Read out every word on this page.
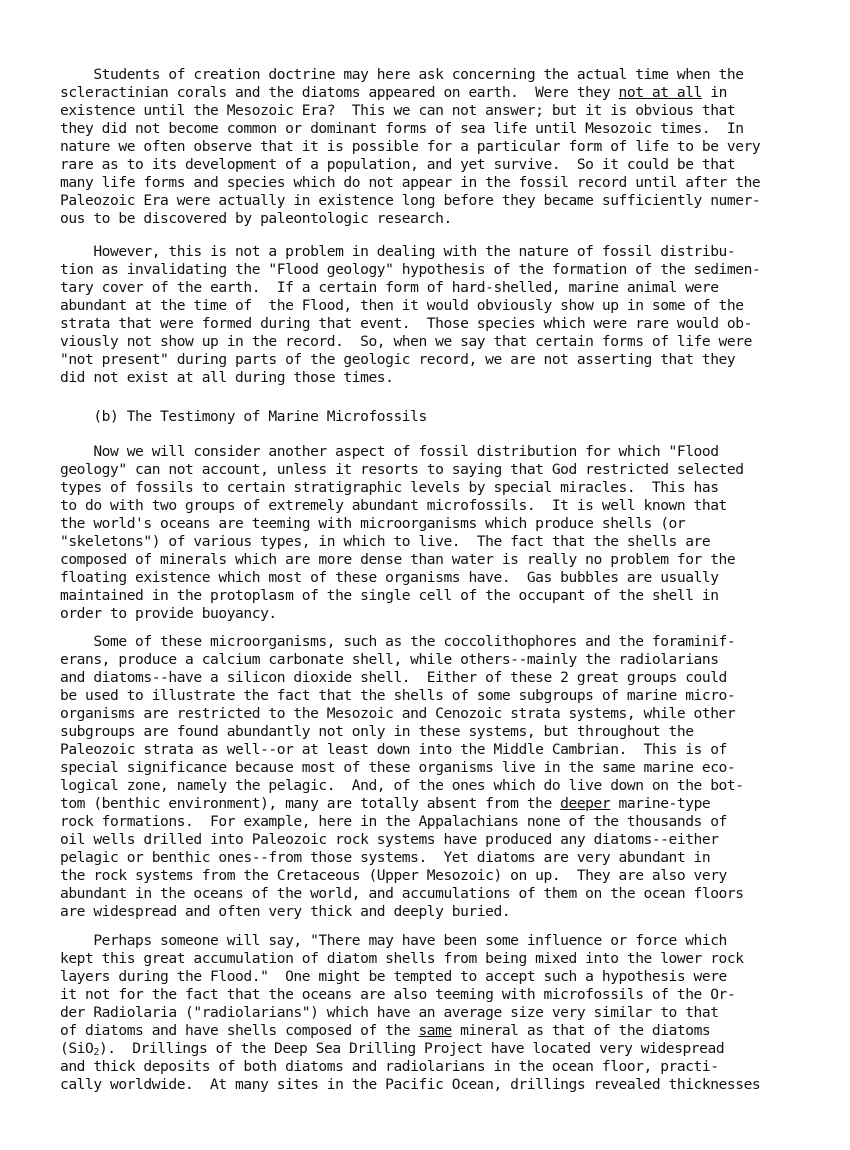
Students of creation doctrine may here ask concerning the actual time when the
scleractinian corals and the diatoms appeared on earth.  Were they not at all in
existence until the Mesozoic Era?  This we can not answer; but it is obvious that
they did not become common or dominant forms of sea life until Mesozoic times.  In
nature we often observe that it is possible for a particular form of life to be very
rare as to its development of a population, and yet survive.  So it could be that
many life forms and species which do not appear in the fossil record until after the
Paleozoic Era were actually in existence long before they became sufficiently numer-
ous to be discovered by paleontologic research.
However, this is not a problem in dealing with the nature of fossil distribu-
tion as invalidating the "Flood geology" hypothesis of the formation of the sedimen-
tary cover of the earth.  If a certain form of hard-shelled, marine animal were
abundant at the time of  the Flood, then it would obviously show up in some of the
strata that were formed during that event.  Those species which were rare would ob-
viously not show up in the record.  So, when we say that certain forms of life were
"not present" during parts of the geologic record, we are not asserting that they
did not exist at all during those times.
(b) The Testimony of Marine Microfossils
Now we will consider another aspect of fossil distribution for which "Flood
geology" can not account, unless it resorts to saying that God restricted selected
types of fossils to certain stratigraphic levels by special miracles.  This has
to do with two groups of extremely abundant microfossils.  It is well known that
the world's oceans are teeming with microorganisms which produce shells (or
"skeletons") of various types, in which to live.  The fact that the shells are
composed of minerals which are more dense than water is really no problem for the
floating existence which most of these organisms have.  Gas bubbles are usually
maintained in the protoplasm of the single cell of the occupant of the shell in
order to provide buoyancy.
Some of these microorganisms, such as the coccolithophores and the foraminif-
erans, produce a calcium carbonate shell, while others--mainly the radiolarians
and diatoms--have a silicon dioxide shell.  Either of these 2 great groups could
be used to illustrate the fact that the shells of some subgroups of marine micro-
organisms are restricted to the Mesozoic and Cenozoic strata systems, while other
subgroups are found abundantly not only in these systems, but throughout the
Paleozoic strata as well--or at least down into the Middle Cambrian.  This is of
special significance because most of these organisms live in the same marine eco-
logical zone, namely the pelagic.  And, of the ones which do live down on the bot-
tom (benthic environment), many are totally absent from the deeper marine-type
rock formations.  For example, here in the Appalachians none of the thousands of
oil wells drilled into Paleozoic rock systems have produced any diatoms--either
pelagic or benthic ones--from those systems.  Yet diatoms are very abundant in
the rock systems from the Cretaceous (Upper Mesozoic) on up.  They are also very
abundant in the oceans of the world, and accumulations of them on the ocean floors
are widespread and often very thick and deeply buried.
Perhaps someone will say, "There may have been some influence or force which
kept this great accumulation of diatom shells from being mixed into the lower rock
layers during the Flood."  One might be tempted to accept such a hypothesis were
it not for the fact that the oceans are also teeming with microfossils of the Or-
der Radiolaria ("radiolarians") which have an average size very similar to that
of diatoms and have shells composed of the same mineral as that of the diatoms
(SiO$_2$).  Drillings of the Deep Sea Drilling Project have located very widespread
and thick deposits of both diatoms and radiolarians in the ocean floor, practi-
cally worldwide.  At many sites in the Pacific Ocean, drillings revealed thicknesses
